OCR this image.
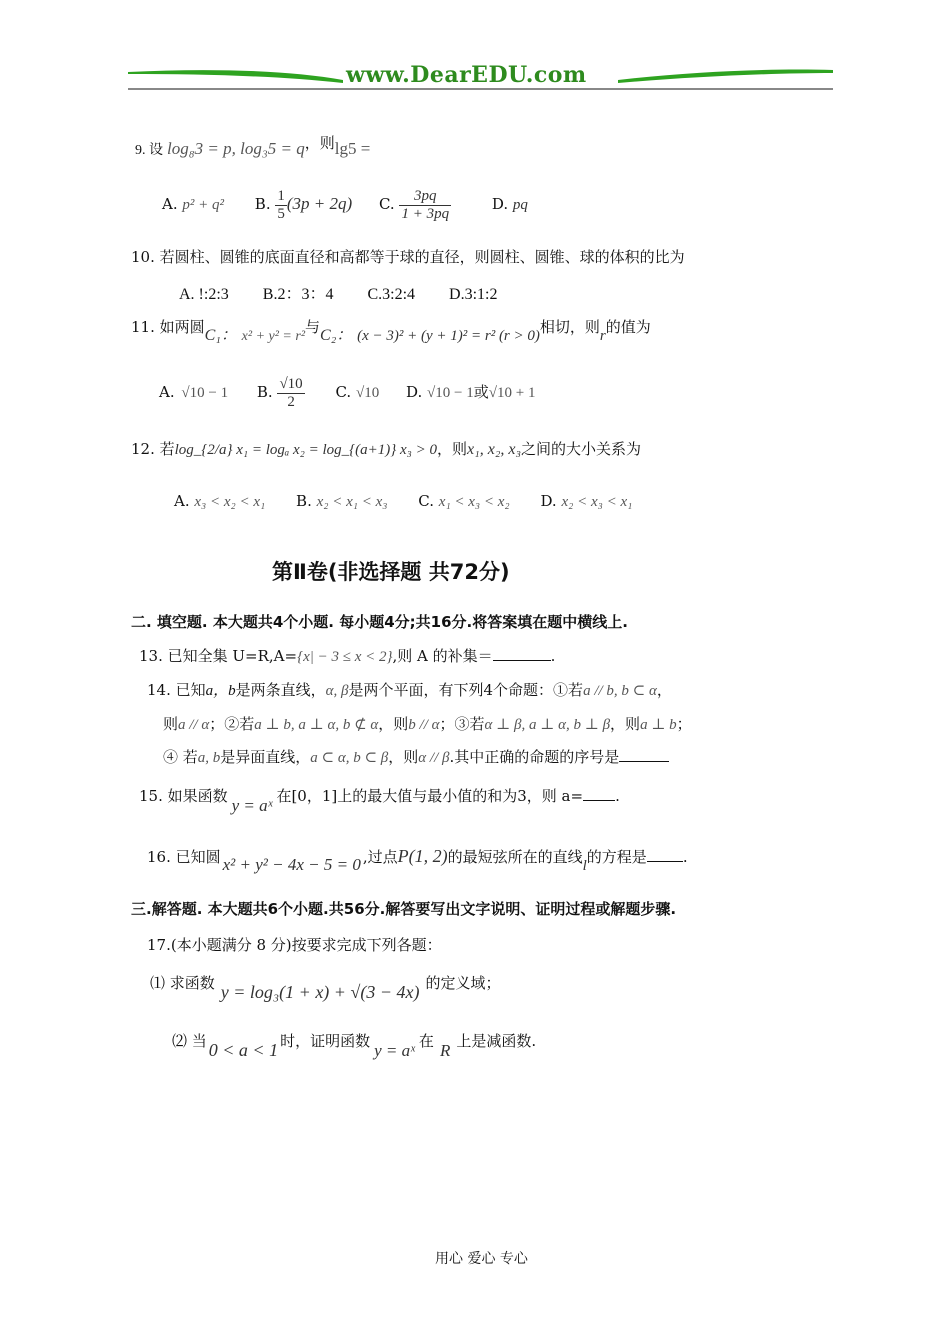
www.DearEDU.com
9. 设 log₈3 = p, log₃5 = q，则lg5 =
A. p² + q² B. $\frac{1}{5} (3p + 2q)$ C. $\frac{3pq}{1 + 3pq}$	D. pq
10. 若圆柱、圆锥的底面直径和高都等于球的直径，则圆柱、圆锥、球的体积的比为
A. !:2:3 B.2：3：4 C.3:2:4 D.3:1:2
11. 如两圆C₁： x² + y² = r²与C₂： (x − 3)² + (y + 1)² = r² (r > 0)相切，则r的值为
A. √10 − 1 B. $\frac{√10}{2} C$. √10 D. √10 − 1或√10 + 1
12. 若log_{2/a} x₁ = logₐ x₂ = log_{(a+1)} x₃ > 0，则x₁, x₂, x₃之间的大小关系为
A. x₃ < x₂ < x₁ B. x₂ < x₁ < x₃ C. x₁ < x₃ < x₂ D. x₂ < x₃ < x₁
第Ⅱ卷(非选择题 共72分)
二. 填空题. 本大题共4个小题. 每小题4分;共16分.将答案填在题中横线上.
13. 已知全集 U=R,A={x| − 3 ≤ x < 2},则 A 的补集＝	.
14. 已知a，b是两条直线，α, β是两个平面，有下列4个命题：①若a // b, b ⊂ α，
则a // α；②若a ⊥ b, a ⊥ α, b ⊄ α，则b // α；③若α ⊥ β, a ⊥ α, b ⊥ β，则a ⊥ b；
④ 若a, b是异面直线，a ⊂ α, b ⊂ β，则α // β.其中正确的命题的序号是
15. 如果函数 y = aˣ 在[0，1]上的最大值与最小值的和为3，则 a= .
16. 已知圆 x² + y² − 4x − 5 = 0 ,过点P(1, 2)的最短弦所在的直线l的方程是 .
三.解答题. 本大题共6个小题.共56分.解答要写出文字说明、证明过程或解题步骤.
17.(本小题满分 8 分)按要求完成下列各题：
⑴ 求函数 y = log₃(1 + x) + √(3 − 4x) 的定义域；
⑵ 当 0 < a < 1 时，证明函数 y = aˣ 在 R 上是减函数.
用心 爱心 专心
